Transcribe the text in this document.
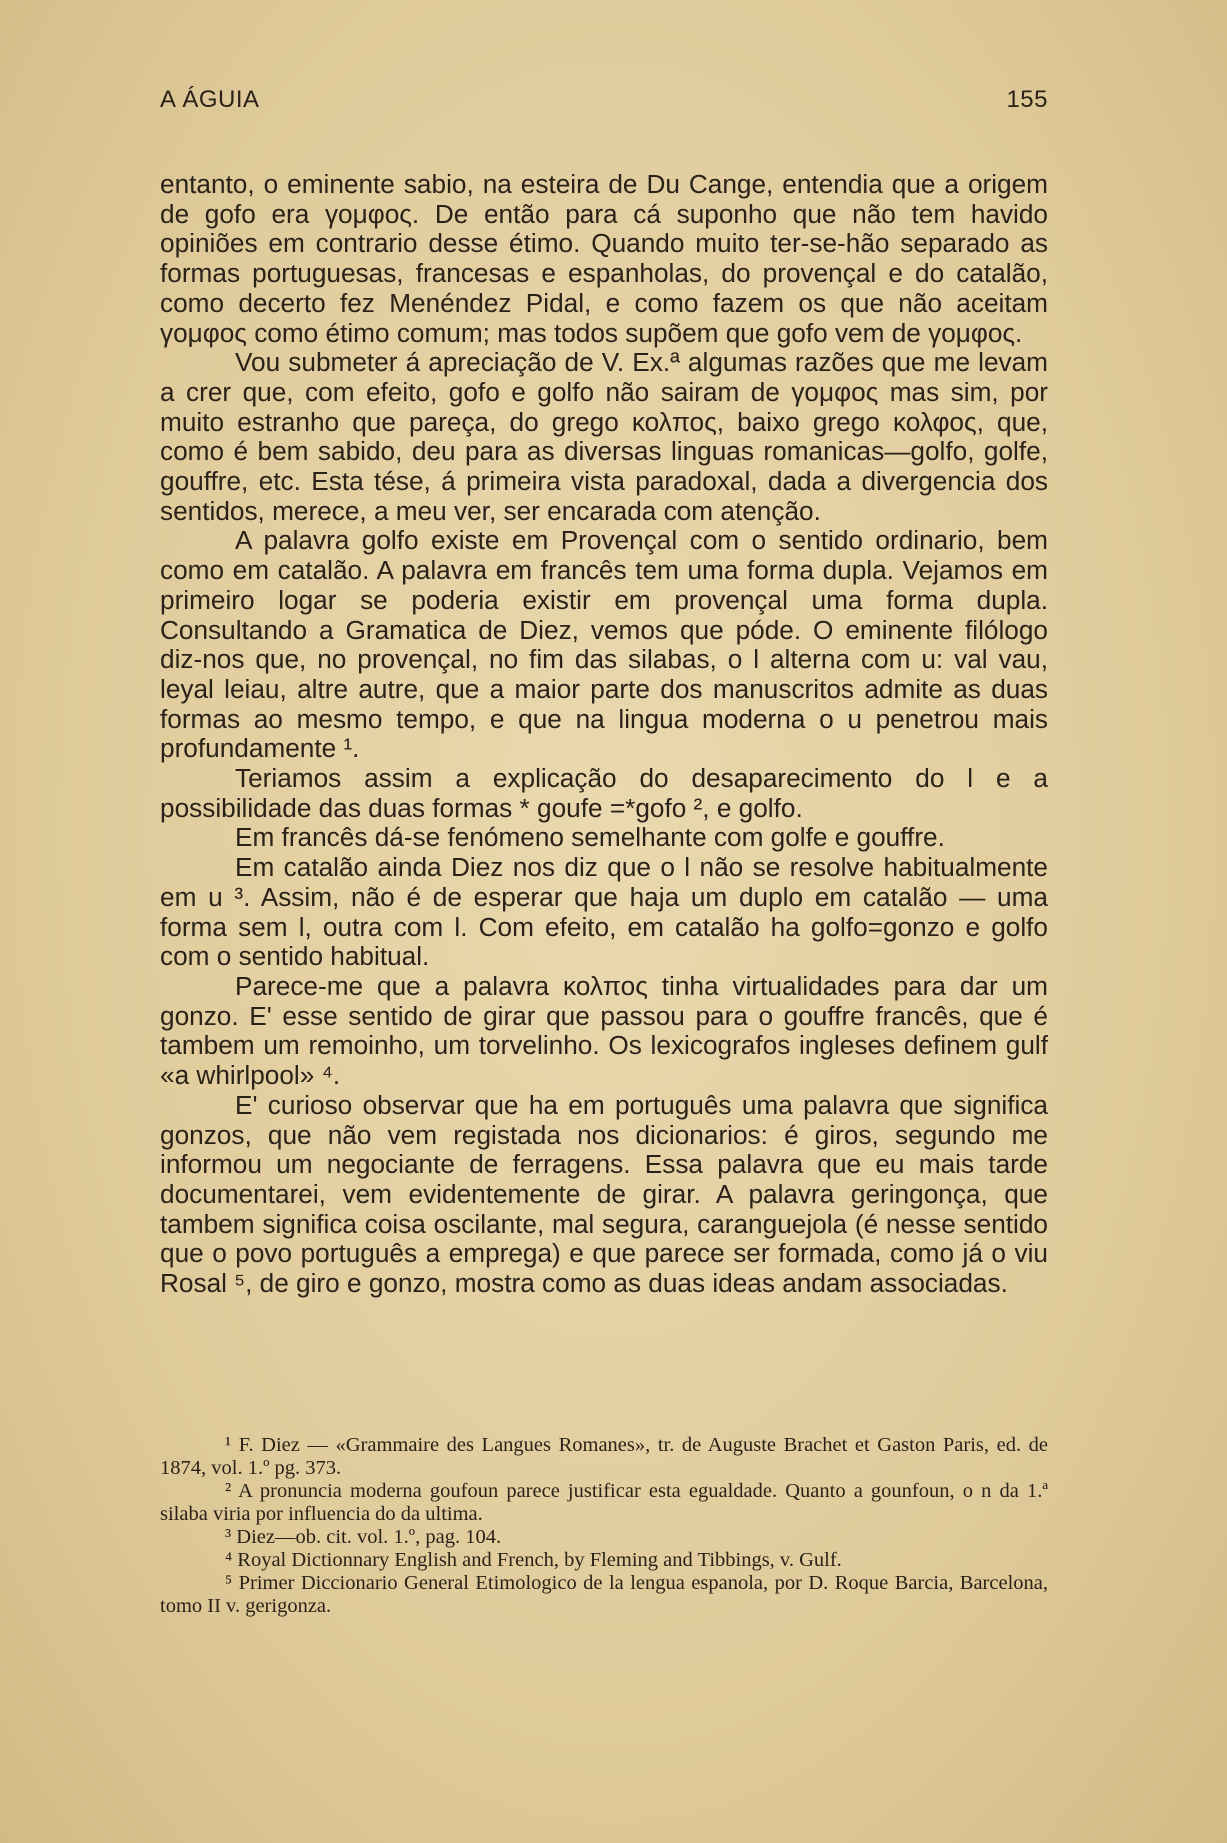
A ÁGUIA	155

entanto, o eminente sabio, na esteira de Du Cange, entendia que a origem de gofo era γομφος. De então para cá suponho que não tem havido opiniões em contrario desse étimo. Quando muito ter-se-hão separado as formas portuguesas, francesas e espanholas, do provençal e do catalão, como decerto fez Menéndez Pidal, e como fazem os que não aceitam γομφος como étimo comum; mas todos supõem que gofo vem de γομφος.

Vou submeter á apreciação de V. Ex.ª algumas razões que me levam a crer que, com efeito, gofo e golfo não sairam de γομφος mas sim, por muito estranho que pareça, do grego κολπος, baixo grego κολφος, que, como é bem sabido, deu para as diversas linguas romanicas—golfo, golfe, gouffre, etc. Esta tése, á primeira vista paradoxal, dada a divergencia dos sentidos, merece, a meu ver, ser encarada com atenção.

A palavra golfo existe em Provençal com o sentido ordinario, bem como em catalão. A palavra em francês tem uma forma dupla. Vejamos em primeiro logar se poderia existir em provençal uma forma dupla. Consultando a Gramatica de Diez, vemos que póde. O eminente filólogo diz-nos que, no provençal, no fim das silabas, o l alterna com u: val vau, leyal leiau, altre autre, que a maior parte dos manuscritos admite as duas formas ao mesmo tempo, e que na lingua moderna o u penetrou mais profundamente ¹.

Teriamos assim a explicação do desaparecimento do l e a possibilidade das duas formas * goufe =*gofo ², e golfo.

Em francês dá-se fenómeno semelhante com golfe e gouffre.

Em catalão ainda Diez nos diz que o l não se resolve habitualmente em u ³. Assim, não é de esperar que haja um duplo em catalão — uma forma sem l, outra com l. Com efeito, em catalão ha golfo=gonzo e golfo com o sentido habitual.

Parece-me que a palavra κολπος tinha virtualidades para dar um gonzo. E' esse sentido de girar que passou para o gouffre francês, que é tambem um remoinho, um torvelinho. Os lexicografos ingleses definem gulf «a whirlpool» ⁴.

E' curioso observar que ha em português uma palavra que significa gonzos, que não vem registada nos dicionarios: é giros, segundo me informou um negociante de ferragens. Essa palavra que eu mais tarde documentarei, vem evidentemente de girar. A palavra geringonça, que tambem significa coisa oscilante, mal segura, caranguejola (é nesse sentido que o povo português a emprega) e que parece ser formada, como já o viu Rosal ⁵, de giro e gonzo, mostra como as duas ideas andam associadas.

¹ F. Diez — «Grammaire des Langues Romanes», tr. de Auguste Brachet et Gaston Paris, ed. de 1874, vol. 1.º pg. 373.

² A pronuncia moderna goufoun parece justificar esta egualdade. Quanto a gounfoun, o n da 1.ª silaba viria por influencia do da ultima.

³ Diez—ob. cit. vol. 1.º, pag. 104.

⁴ Royal Dictionnary English and French, by Fleming and Tibbings, v. Gulf.

⁵ Primer Diccionario General Etimologico de la lengua espanola, por D. Roque Barcia, Barcelona, tomo II v. gerigonza.
